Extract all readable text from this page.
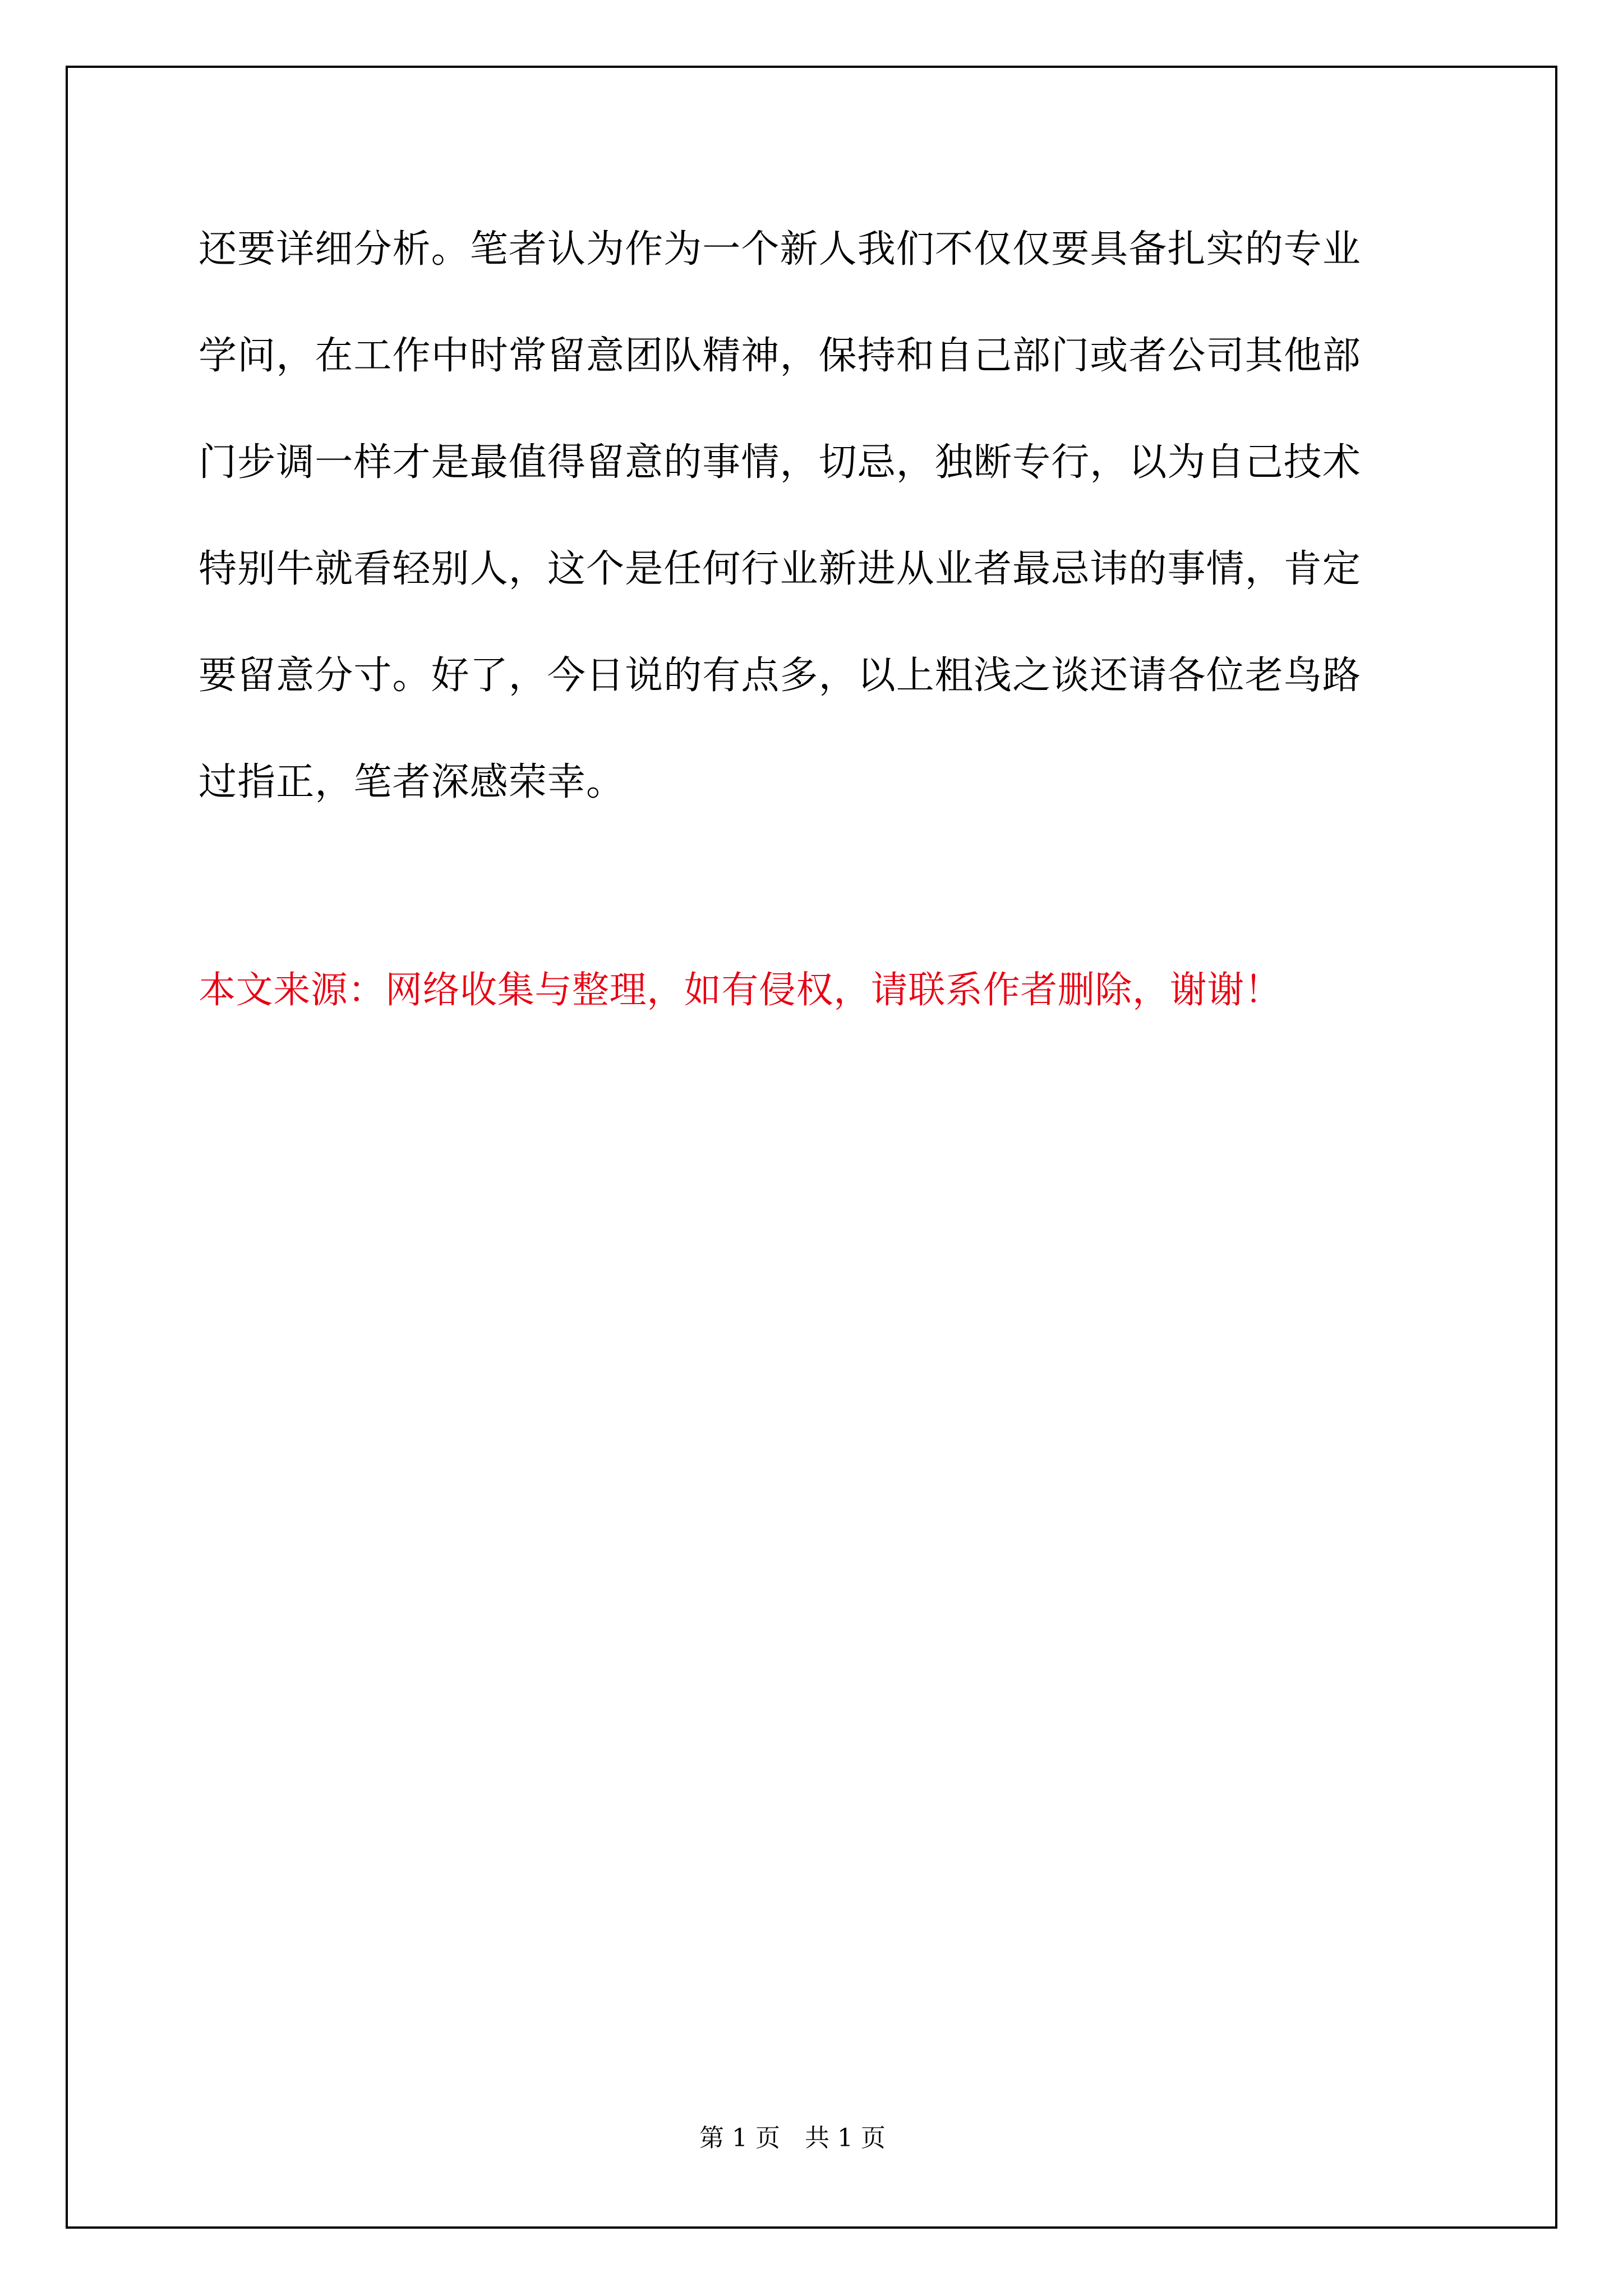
还要详细分析。笔者认为作为一个新人我们不仅仅要具备扎实的专业
学问，在工作中时常留意团队精神，保持和自己部门或者公司其他部
门步调一样才是最值得留意的事情，切忌，独断专行，以为自己技术
特别牛就看轻别人，这个是任何行业新进从业者最忌讳的事情，肯定
要留意分寸。好了，今日说的有点多，以上粗浅之谈还请各位老鸟路
过指正，笔者深感荣幸。
本文来源：网络收集与整理，如有侵权，请联系作者删除，谢谢！
第 1 页　共 1 页
